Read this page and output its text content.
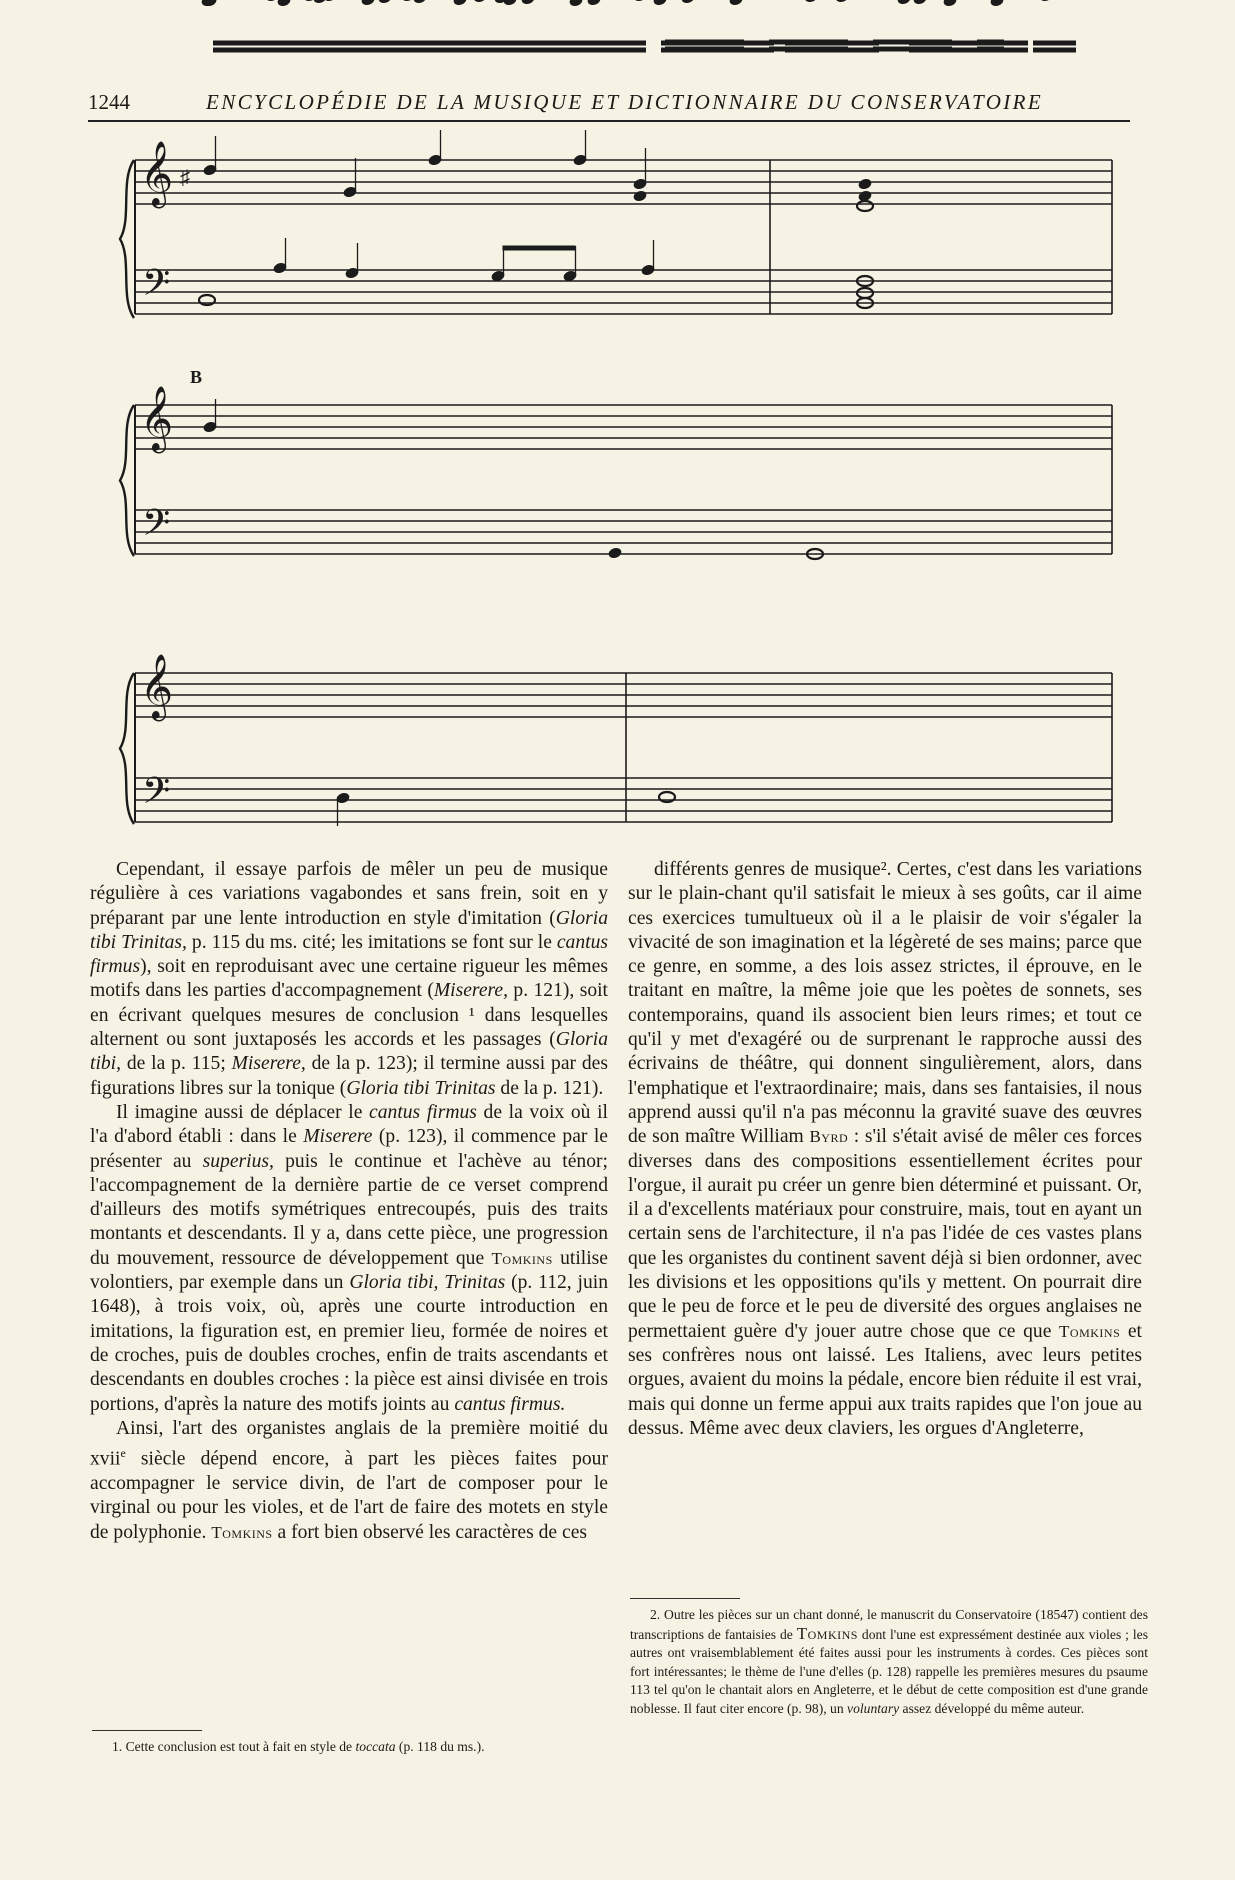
1244	ENCYCLOPÉDIE DE LA MUSIQUE ET DICTIONNAIRE DU CONSERVATOIRE
𝄞
𝄢
♯
𝄞
𝄢
𝄞
𝄢
B

Cependant, il essaye parfois de mêler un peu de musique régulière à ces variations vagabondes et sans frein, soit en y préparant par une lente introduction en style d'imitation (Gloria tibi Trinitas, p. 115 du ms. cité; les imitations se font sur le cantus firmus), soit en reproduisant avec une certaine rigueur les mêmes motifs dans les parties d'accompagnement (Miserere, p. 121), soit en écrivant quelques mesures de conclusion ¹ dans lesquelles alternent ou sont juxtaposés les accords et les passages (Gloria tibi, de la p. 115; Miserere, de la p. 123); il termine aussi par des figurations libres sur la tonique (Gloria tibi Trinitas de la p. 121).

Il imagine aussi de déplacer le cantus firmus de la voix où il l'a d'abord établi : dans le Miserere (p. 123), il commence par le présenter au superius, puis le continue et l'achève au ténor; l'accompagnement de la dernière partie de ce verset comprend d'ailleurs des motifs symétriques entrecoupés, puis des traits montants et descendants. Il y a, dans cette pièce, une progression du mouvement, ressource de développement que Tomkins utilise volontiers, par exemple dans un Gloria tibi, Trinitas (p. 112, juin 1648), à trois voix, où, après une courte introduction en imitations, la figuration est, en premier lieu, formée de noires et de croches, puis de doubles croches, enfin de traits ascendants et descendants en doubles croches : la pièce est ainsi divisée en trois portions, d'après la nature des motifs joints au cantus firmus.

Ainsi, l'art des organistes anglais de la première moitié du xvii$^e$ siècle dépend encore, à part les pièces faites pour accompagner le service divin, de l'art de composer pour le virginal ou pour les violes, et de l'art de faire des motets en style de polyphonie. Tomkins a fort bien observé les caractères de ces

différents genres de musique². Certes, c'est dans les variations sur le plain-chant qu'il satisfait le mieux à ses goûts, car il aime ces exercices tumultueux où il a le plaisir de voir s'égaler la vivacité de son imagination et la légèreté de ses mains; parce que ce genre, en somme, a des lois assez strictes, il éprouve, en le traitant en maître, la même joie que les poètes de sonnets, ses contemporains, quand ils associent bien leurs rimes; et tout ce qu'il y met d'exagéré ou de surprenant le rapproche aussi des écrivains de théâtre, qui donnent singulièrement, alors, dans l'emphatique et l'extraordinaire; mais, dans ses fantaisies, il nous apprend aussi qu'il n'a pas méconnu la gravité suave des œuvres de son maître William Byrd : s'il s'était avisé de mêler ces forces diverses dans des compositions essentiellement écrites pour l'orgue, il aurait pu créer un genre bien déterminé et puissant. Or, il a d'excellents matériaux pour construire, mais, tout en ayant un certain sens de l'architecture, il n'a pas l'idée de ces vastes plans que les organistes du continent savent déjà si bien ordonner, avec les divisions et les oppositions qu'ils y mettent. On pourrait dire que le peu de force et le peu de diversité des orgues anglaises ne permettaient guère d'y jouer autre chose que ce que Tomkins et ses confrères nous ont laissé. Les Italiens, avec leurs petites orgues, avaient du moins la pédale, encore bien réduite il est vrai, mais qui donne un ferme appui aux traits rapides que l'on joue au dessus. Même avec deux claviers, les orgues d'Angleterre,

1. Cette conclusion est tout à fait en style de toccata (p. 118 du ms.).

2. Outre les pièces sur un chant donné, le manuscrit du Conservatoire (18547) contient des transcriptions de fantaisies de Tomkins dont l'une est expressément destinée aux violes ; les autres ont vraisemblablement été faites aussi pour les instruments à cordes. Ces pièces sont fort intéressantes; le thème de l'une d'elles (p. 128) rappelle les premières mesures du psaume 113 tel qu'on le chantait alors en Angleterre, et le début de cette composition est d'une grande noblesse. Il faut citer encore (p. 98), un voluntary assez développé du même auteur.
